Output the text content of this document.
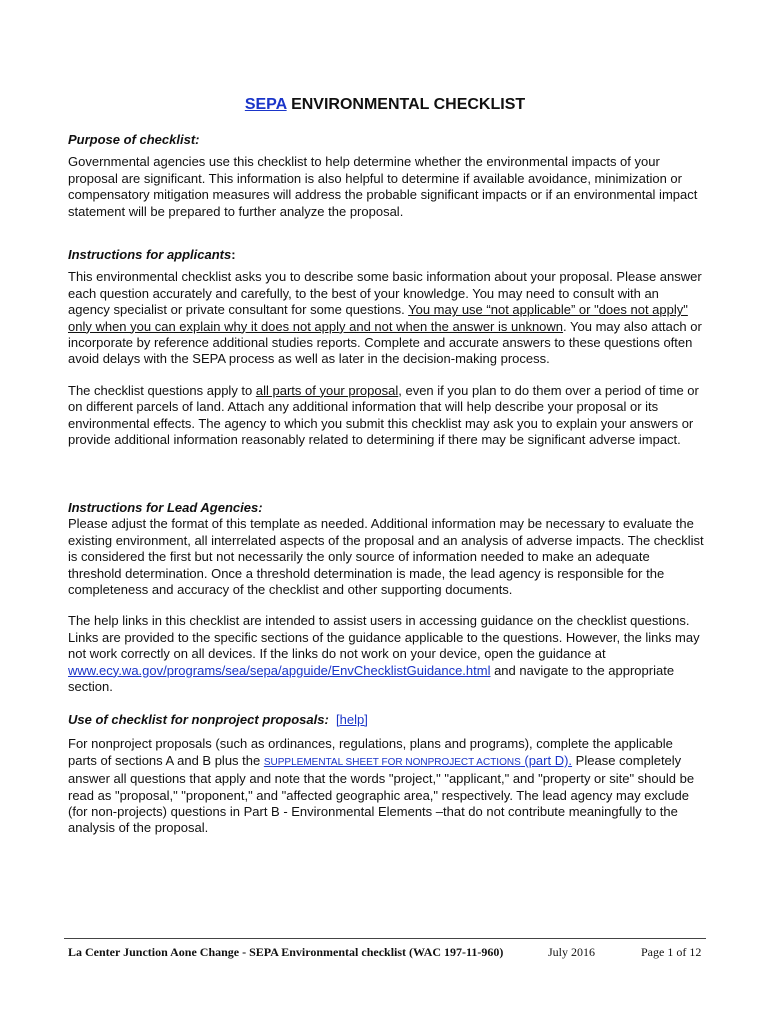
SEPA ENVIRONMENTAL CHECKLIST
Purpose of checklist:
Governmental agencies use this checklist to help determine whether the environmental impacts of your proposal are significant. This information is also helpful to determine if available avoidance, minimization or compensatory mitigation measures will address the probable significant impacts or if an environmental impact statement will be prepared to further analyze the proposal.
Instructions for applicants:
This environmental checklist asks you to describe some basic information about your proposal. Please answer each question accurately and carefully, to the best of your knowledge. You may need to consult with an agency specialist or private consultant for some questions. You may use “not applicable” or "does not apply" only when you can explain why it does not apply and not when the answer is unknown. You may also attach or incorporate by reference additional studies reports. Complete and accurate answers to these questions often avoid delays with the SEPA process as well as later in the decision-making process.
The checklist questions apply to all parts of your proposal, even if you plan to do them over a period of time or on different parcels of land. Attach any additional information that will help describe your proposal or its environmental effects. The agency to which you submit this checklist may ask you to explain your answers or provide additional information reasonably related to determining if there may be significant adverse impact.
Instructions for Lead Agencies:
Please adjust the format of this template as needed. Additional information may be necessary to evaluate the existing environment, all interrelated aspects of the proposal and an analysis of adverse impacts. The checklist is considered the first but not necessarily the only source of information needed to make an adequate threshold determination. Once a threshold determination is made, the lead agency is responsible for the completeness and accuracy of the checklist and other supporting documents.
The help links in this checklist are intended to assist users in accessing guidance on the checklist questions. Links are provided to the specific sections of the guidance applicable to the questions. However, the links may not work correctly on all devices. If the links do not work on your device, open the guidance at www.ecy.wa.gov/programs/sea/sepa/apguide/EnvChecklistGuidance.html and navigate to the appropriate section.
Use of checklist for nonproject proposals: [help]
For nonproject proposals (such as ordinances, regulations, plans and programs), complete the applicable parts of sections A and B plus the SUPPLEMENTAL SHEET FOR NONPROJECT ACTIONS (part D). Please completely answer all questions that apply and note that the words "project," "applicant," and "property or site" should be read as "proposal," "proponent," and "affected geographic area," respectively. The lead agency may exclude (for non-projects) questions in Part B - Environmental Elements –that do not contribute meaningfully to the analysis of the proposal.
La Center Junction Aone Change - SEPA Environmental checklist (WAC 197-11-960)	July 2016	Page 1 of 12
